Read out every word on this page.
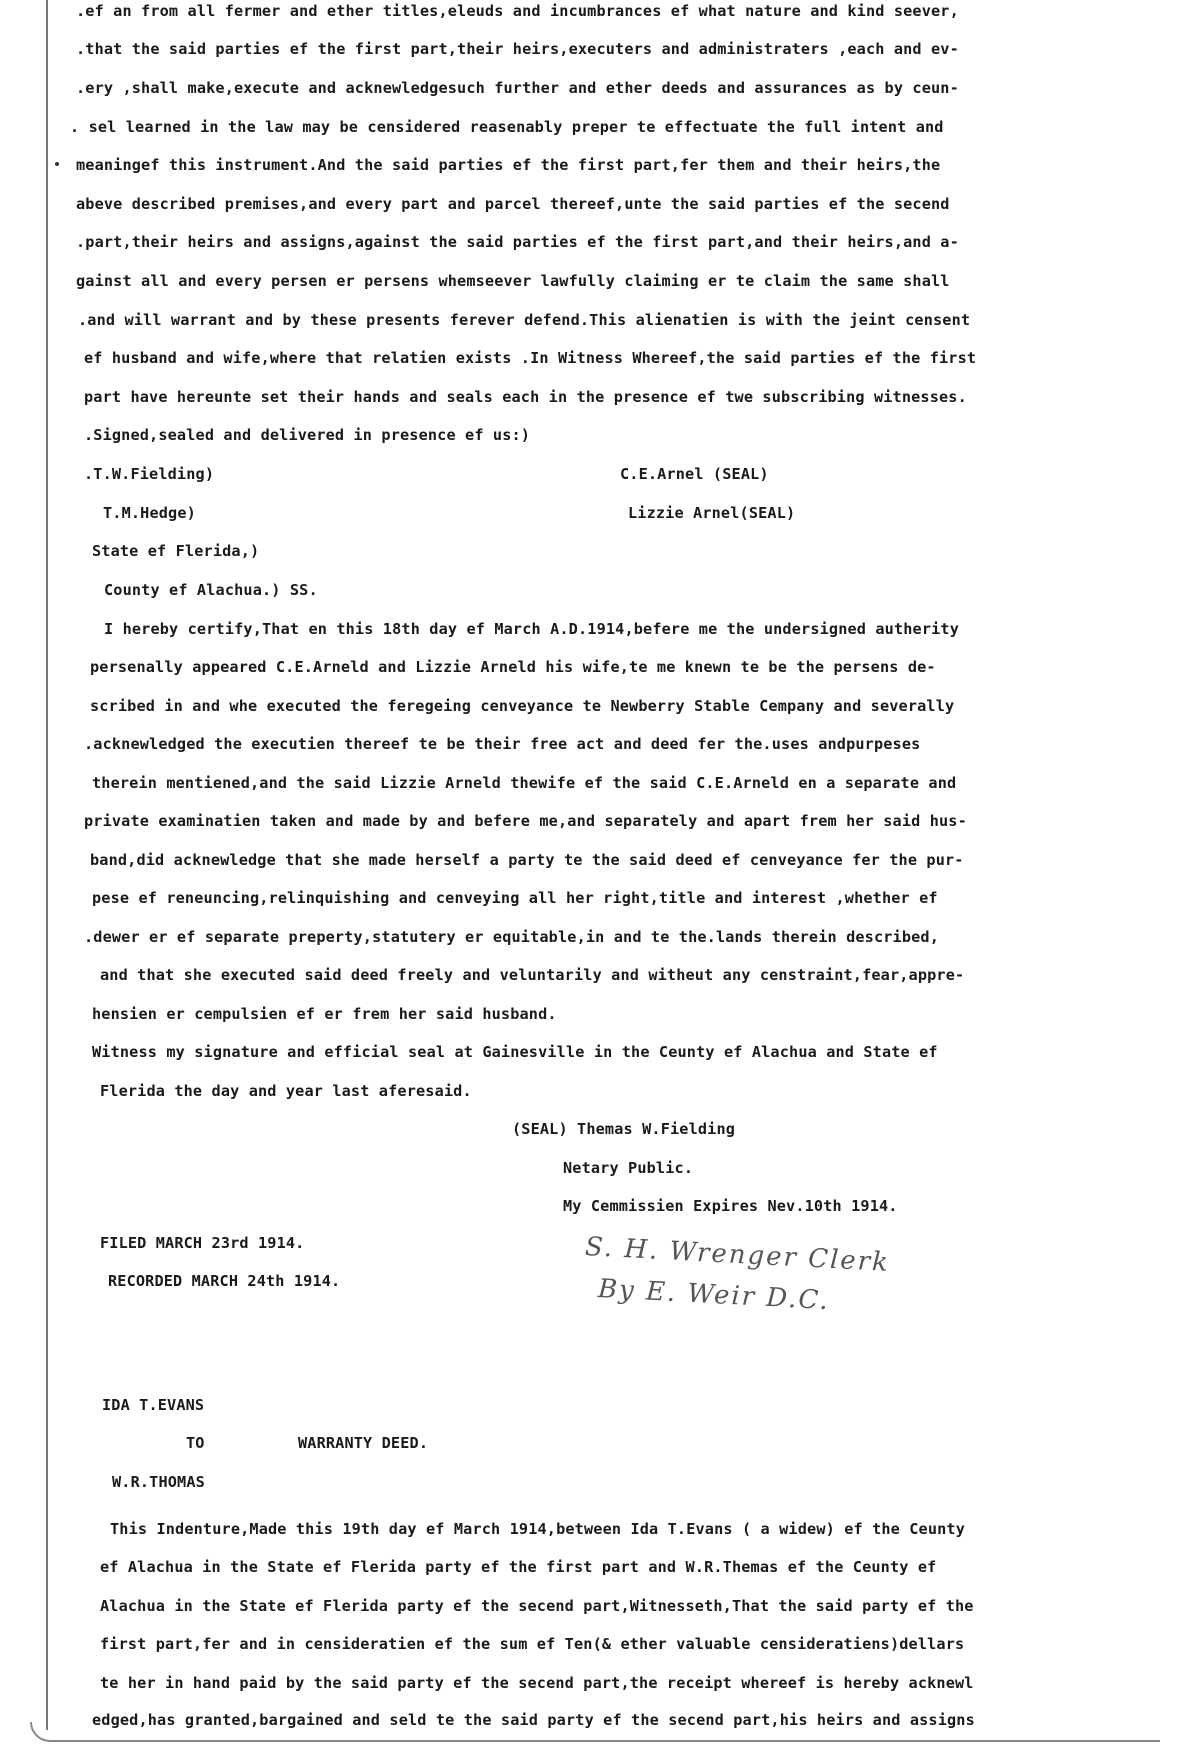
.ef an from all fermer and ether titles,eleuds and incumbrances ef what nature and kind seever,
.that the said parties ef the first part,their heirs,executers and administraters ,each and ev-
.ery ,shall make,execute and acknewledgesuch further and ether deeds and assurances as by ceun-
. sel learned in the law may be censidered reasenably preper te effectuate the full intent and
meaningef this instrument.And the said parties ef the first part,fer them and their heirs,the
abeve described premises,and every part and parcel thereef,unte the said parties ef the secend
.part,their heirs and assigns,against the said parties ef the first part,and their heirs,and a-
gainst all and every persen er persens whemseever lawfully claiming er te claim the same shall
.and will warrant and by these presents ferever defend.This alienatien is with the jeint censent
ef husband and wife,where that relatien exists .In Witness Whereef,the said parties ef the first
part have hereunte set their hands and seals each in the presence ef twe subscribing witnesses.
.Signed,sealed and delivered in presence ef us:)
.T.W.Fielding)	C.E.Arnel (SEAL)
T.M.Hedge)	Lizzie Arnel(SEAL)
State ef Flerida,)
County ef Alachua.) SS.
I hereby certify,That en this 18th day ef March A.D.1914,befere me the undersigned autherity
persenally appeared C.E.Arneld and Lizzie Arneld his wife,te me knewn te be the persens de-
scribed in and whe executed the feregeing cenveyance te Newberry Stable Cempany and severally
.acknewledged the executien thereef te be their free act and deed fer the.uses andpurpeses
therein mentiened,and the said Lizzie Arneld thewife ef the said C.E.Arneld en a separate and
private examinatien taken and made by and befere me,and separately and apart frem her said hus-
band,did acknewledge that she made herself a party te the said deed ef cenveyance fer the pur-
pese ef reneuncing,relinquishing and cenveying all her right,title and interest ,whether ef
.dewer er ef separate preperty,statutery er equitable,in and te the.lands therein described,
and that she executed said deed freely and veluntarily and witheut any censtraint,fear,appre-
hensien er cempulsien ef er frem her said husband.
Witness my signature and efficial seal at Gainesville in the Ceunty ef Alachua and State ef
Flerida the day and year last aferesaid.
(SEAL) Themas W.Fielding
Netary Public.
My Cemmissien Expires Nev.10th 1914.
FILED MARCH 23rd 1914.
RECORDED MARCH 24th 1914.
S. H. Wrenger Clerk
By E. Weir D.C.
IDA T.EVANS
TO	WARRANTY DEED.
W.R.THOMAS
This Indenture,Made this 19th day ef March 1914,between Ida T.Evans ( a widew) ef the Ceunty
ef Alachua in the State ef Flerida party ef the first part and W.R.Themas ef the Ceunty ef
Alachua in the State ef Flerida party ef the secend part,Witnesseth,That the said party ef the
first part,fer and in censideratien ef the sum ef Ten(& ether valuable censideratiens)dellars
te her in hand paid by the said party ef the secend part,the receipt whereef is hereby acknewl
edged,has granted,bargained and seld te the said party ef the secend part,his heirs and assigns
